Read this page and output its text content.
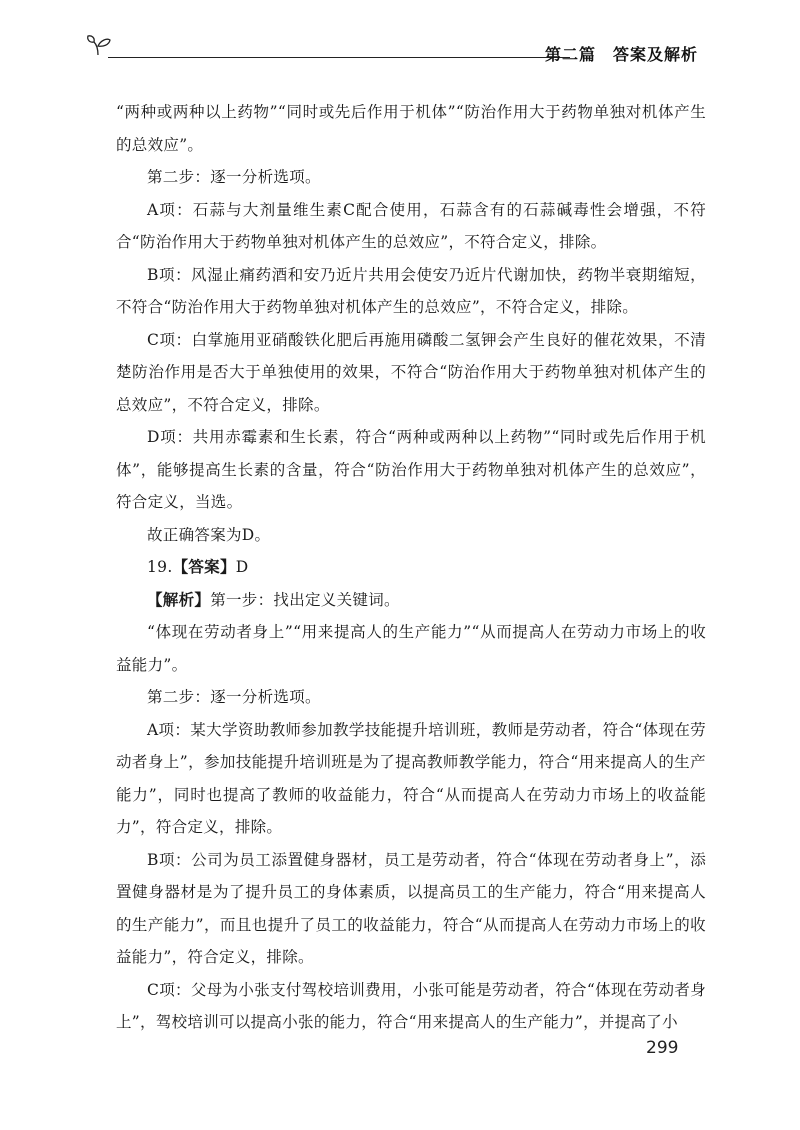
第二篇　答案及解析

“两种或两种以上药物”“同时或先后作用于机体”“防治作用大于药物单独对机体产生的总效应”。

第二步：逐一分析选项。

A项：石蒜与大剂量维生素C配合使用，石蒜含有的石蒜碱毒性会增强，不符合“防治作用大于药物单独对机体产生的总效应”，不符合定义，排除。

B项：风湿止痛药酒和安乃近片共用会使安乃近片代谢加快，药物半衰期缩短，不符合“防治作用大于药物单独对机体产生的总效应”，不符合定义，排除。

C项：白掌施用亚硝酸铁化肥后再施用磷酸二氢钾会产生良好的催花效果，不清楚防治作用是否大于单独使用的效果，不符合“防治作用大于药物单独对机体产生的总效应”，不符合定义，排除。

D项：共用赤霉素和生长素，符合“两种或两种以上药物”“同时或先后作用于机体”，能够提高生长素的含量，符合“防治作用大于药物单独对机体产生的总效应”，符合定义，当选。

故正确答案为D。

19.【答案】D

【解析】第一步：找出定义关键词。

“体现在劳动者身上”“用来提高人的生产能力”“从而提高人在劳动力市场上的收益能力”。

第二步：逐一分析选项。

A项：某大学资助教师参加教学技能提升培训班，教师是劳动者，符合“体现在劳动者身上”，参加技能提升培训班是为了提高教师教学能力，符合“用来提高人的生产能力”，同时也提高了教师的收益能力，符合“从而提高人在劳动力市场上的收益能力”，符合定义，排除。

B项：公司为员工添置健身器材，员工是劳动者，符合“体现在劳动者身上”，添置健身器材是为了提升员工的身体素质，以提高员工的生产能力，符合“用来提高人的生产能力”，而且也提升了员工的收益能力，符合“从而提高人在劳动力市场上的收益能力”，符合定义，排除。

C项：父母为小张支付驾校培训费用，小张可能是劳动者，符合“体现在劳动者身上”，驾校培训可以提高小张的能力，符合“用来提高人的生产能力”，并提高了小

299
